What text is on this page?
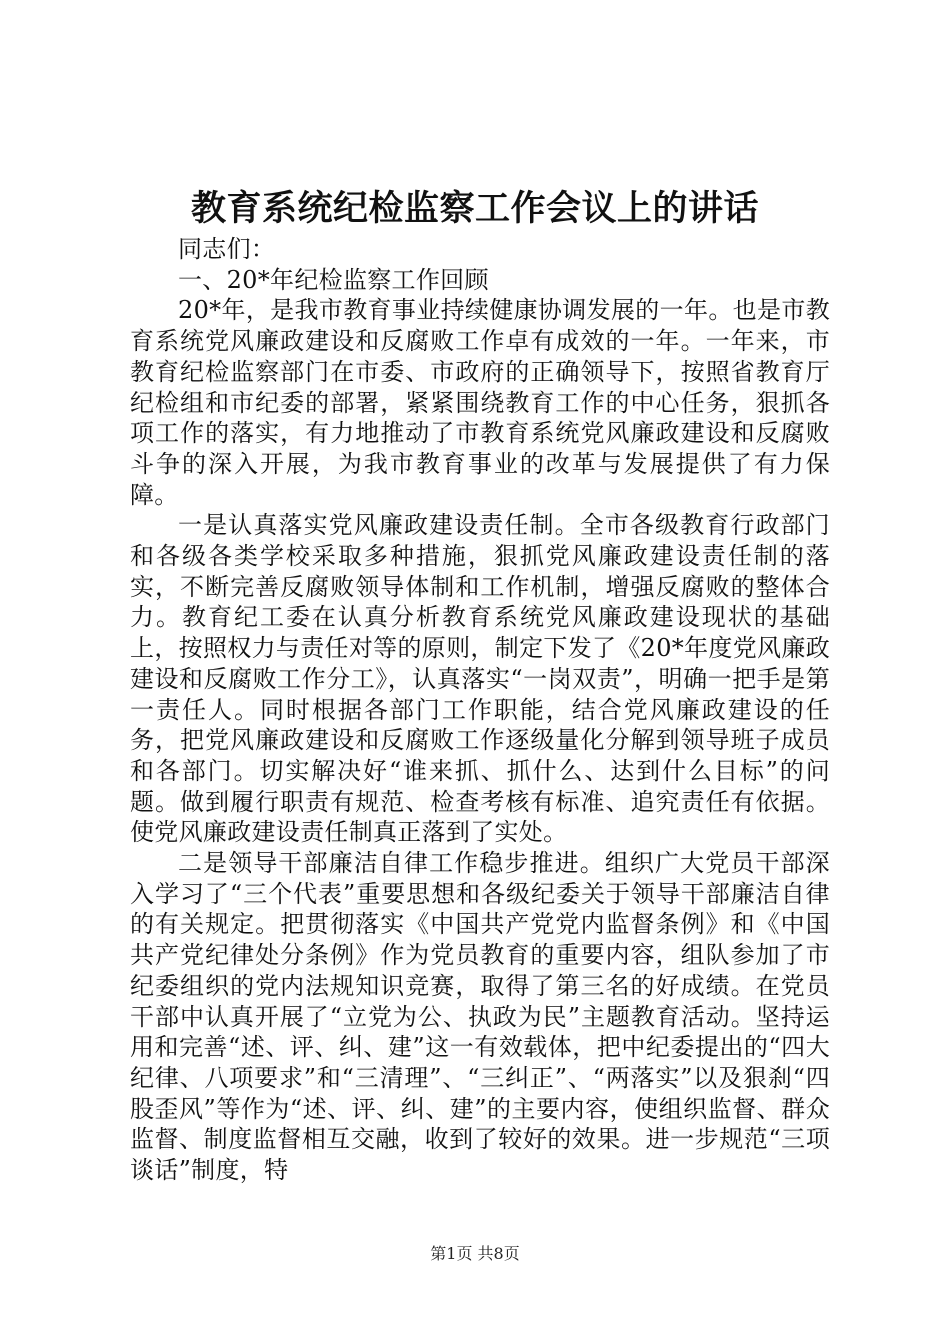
教育系统纪检监察工作会议上的讲话

同志们：

一、20*年纪检监察工作回顾

20*年，是我市教育事业持续健康协调发展的一年。也是市教育系统党风廉政建设和反腐败工作卓有成效的一年。一年来，市教育纪检监察部门在市委、市政府的正确领导下，按照省教育厅纪检组和市纪委的部署，紧紧围绕教育工作的中心任务，狠抓各项工作的落实，有力地推动了市教育系统党风廉政建设和反腐败斗争的深入开展，为我市教育事业的改革与发展提供了有力保障。

一是认真落实党风廉政建设责任制。全市各级教育行政部门和各级各类学校采取多种措施，狠抓党风廉政建设责任制的落实，不断完善反腐败领导体制和工作机制，增强反腐败的整体合力。教育纪工委在认真分析教育系统党风廉政建设现状的基础上，按照权力与责任对等的原则，制定下发了《20*年度党风廉政建设和反腐败工作分工》，认真落实“一岗双责”，明确一把手是第一责任人。同时根据各部门工作职能，结合党风廉政建设的任务，把党风廉政建设和反腐败工作逐级量化分解到领导班子成员和各部门。切实解决好“谁来抓、抓什么、达到什么目标”的问题。做到履行职责有规范、检查考核有标准、追究责任有依据。使党风廉政建设责任制真正落到了实处。

二是领导干部廉洁自律工作稳步推进。组织广大党员干部深入学习了“三个代表”重要思想和各级纪委关于领导干部廉洁自律的有关规定。把贯彻落实《中国共产党党内监督条例》和《中国共产党纪律处分条例》作为党员教育的重要内容，组队参加了市纪委组织的党内法规知识竞赛，取得了第三名的好成绩。在党员干部中认真开展了“立党为公、执政为民”主题教育活动。坚持运用和完善“述、评、纠、建”这一有效载体，把中纪委提出的“四大纪律、八项要求”和“三清理”、“三纠正”、“两落实”以及狠刹“四股歪风”等作为“述、评、纠、建”的主要内容，使组织监督、群众监督、制度监督相互交融，收到了较好的效果。进一步规范“三项谈话”制度，特

第1页 共8页
